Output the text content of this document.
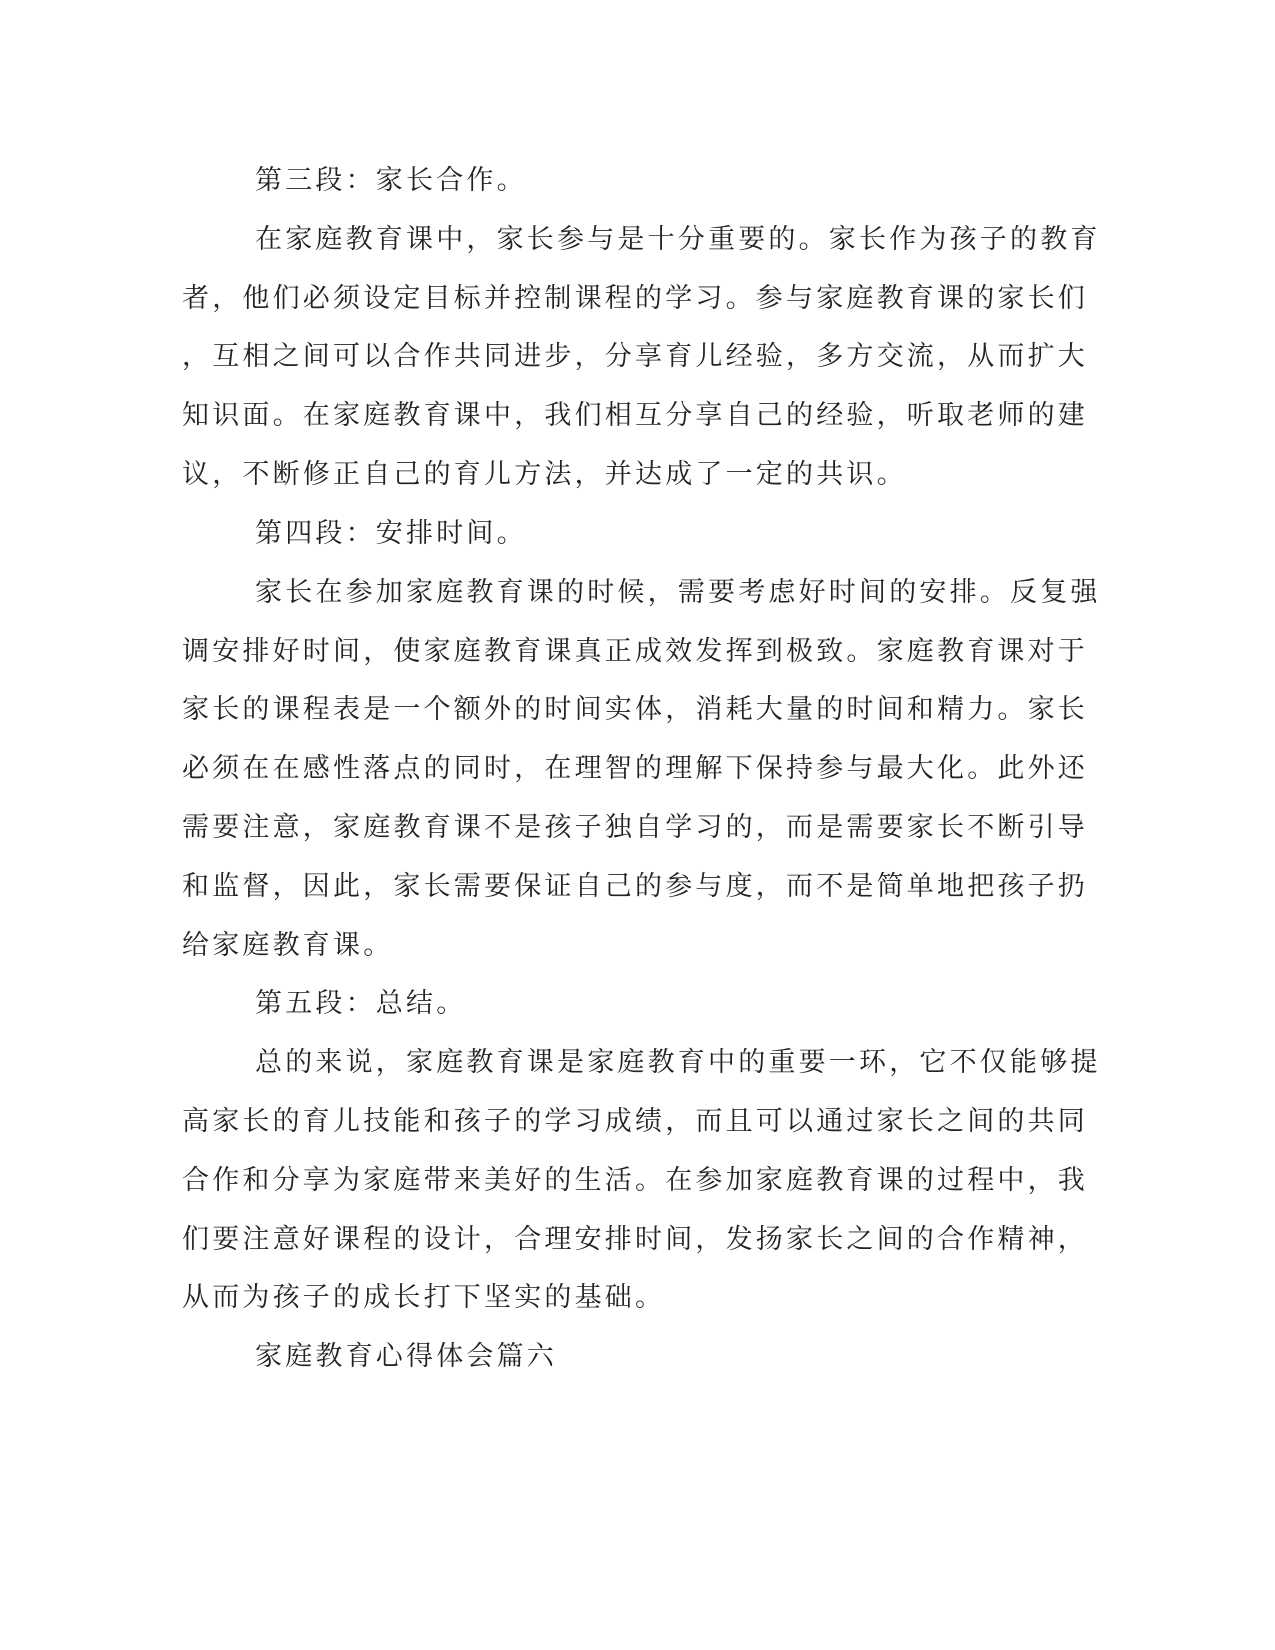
第三段：家长合作。

在家庭教育课中，家长参与是十分重要的。家长作为孩子的教育

者，他们必须设定目标并控制课程的学习。参与家庭教育课的家长们

，互相之间可以合作共同进步，分享育儿经验，多方交流，从而扩大

知识面。在家庭教育课中，我们相互分享自己的经验，听取老师的建

议，不断修正自己的育儿方法，并达成了一定的共识。

第四段：安排时间。

家长在参加家庭教育课的时候，需要考虑好时间的安排。反复强

调安排好时间，使家庭教育课真正成效发挥到极致。家庭教育课对于

家长的课程表是一个额外的时间实体，消耗大量的时间和精力。家长

必须在在感性落点的同时，在理智的理解下保持参与最大化。此外还

需要注意，家庭教育课不是孩子独自学习的，而是需要家长不断引导

和监督，因此，家长需要保证自己的参与度，而不是简单地把孩子扔

给家庭教育课。

第五段：总结。

总的来说，家庭教育课是家庭教育中的重要一环，它不仅能够提

高家长的育儿技能和孩子的学习成绩，而且可以通过家长之间的共同

合作和分享为家庭带来美好的生活。在参加家庭教育课的过程中，我

们要注意好课程的设计，合理安排时间，发扬家长之间的合作精神，

从而为孩子的成长打下坚实的基础。

家庭教育心得体会篇六
